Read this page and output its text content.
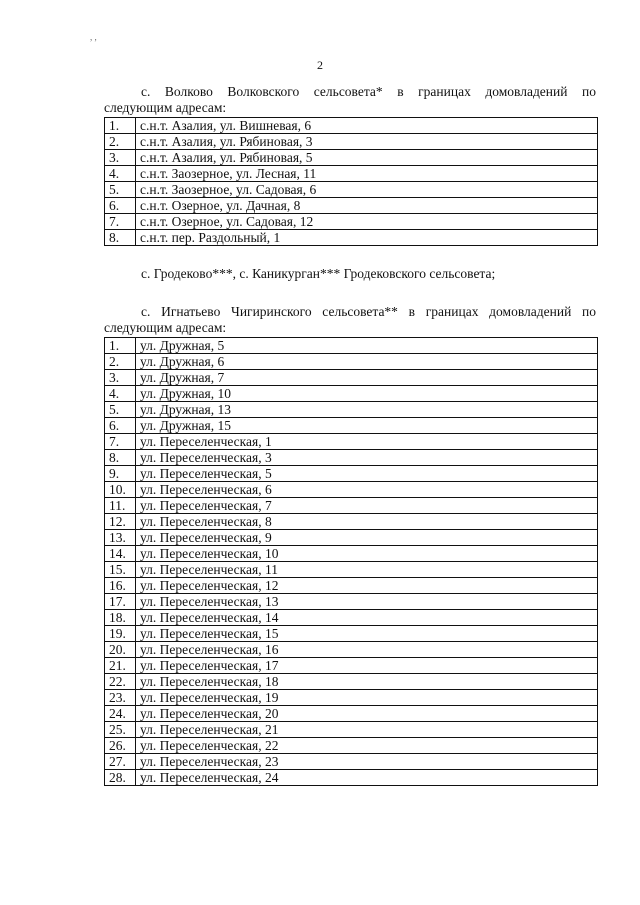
, ,
2
с. Волково Волковского сельсовета* в границах домовладений по
следующим адресам:
1.	с.н.т. Азалия, ул. Вишневая, 6
2.	с.н.т. Азалия, ул. Рябиновая, 3
3.	с.н.т. Азалия, ул. Рябиновая, 5
4.	с.н.т. Заозерное, ул. Лесная, 11
5.	с.н.т. Заозерное, ул. Садовая, 6
6.	с.н.т. Озерное, ул. Дачная, 8
7.	с.н.т. Озерное, ул. Садовая, 12
8.	с.н.т. пер. Раздольный, 1
с. Гродеково***, с. Каникурган*** Гродековского сельсовета;
с. Игнатьево Чигиринского сельсовета** в границах домовладений по
следующим адресам:
1.	ул. Дружная, 5
2.	ул. Дружная, 6
3.	ул. Дружная, 7
4.	ул. Дружная, 10
5.	ул. Дружная, 13
6.	ул. Дружная, 15
7.	ул. Переселенческая, 1
8.	ул. Переселенческая, 3
9.	ул. Переселенческая, 5
10.	ул. Переселенческая, 6
11.	ул. Переселенческая, 7
12.	ул. Переселенческая, 8
13.	ул. Переселенческая, 9
14.	ул. Переселенческая, 10
15.	ул. Переселенческая, 11
16.	ул. Переселенческая, 12
17.	ул. Переселенческая, 13
18.	ул. Переселенческая, 14
19.	ул. Переселенческая, 15
20.	ул. Переселенческая, 16
21.	ул. Переселенческая, 17
22.	ул. Переселенческая, 18
23.	ул. Переселенческая, 19
24.	ул. Переселенческая, 20
25.	ул. Переселенческая, 21
26.	ул. Переселенческая, 22
27.	ул. Переселенческая, 23
28.	ул. Переселенческая, 24
